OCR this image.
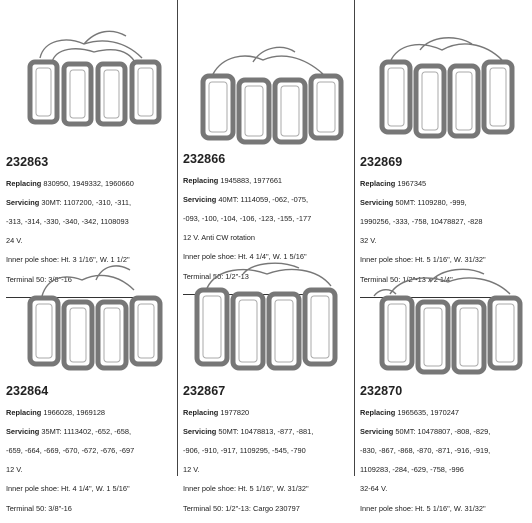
232863

Replacing 830950, 1949332, 1960660

Servicing 30MT: 1107200, -310, -311,

-313, -314, -330, -340, -342, 1108093

24 V.

Inner pole shoe: Ht. 3 1/16", W. 1 1/2"

Terminal 50: 3/8"-16

232866

Replacing 1945883, 1977661

Servicing 40MT: 1114059, -062, -075,

-093, -100, -104, -106, -123, -155, -177

12 V. Anti CW rotation

Inner pole shoe: Ht. 4 1/4", W. 1 5/16"

Terminal 50: 1/2"-13

232869

Replacing 1967345

Servicing 50MT: 1109280, -999,

1990256, -333, -758, 10478827, -828

32 V.

Inner pole shoe: Ht. 5 1/16", W. 31/32"

Terminal 50: 1/2"-13 x 2 1/4"

232864

Replacing 1966028, 1969128

Servicing 35MT: 1113402, -652, -658,

-659, -664, -669, -670, -672, -676, -697

12 V.

Inner pole shoe: Ht. 4 1/4", W. 1 5/16"

Terminal 50: 3/8"-16

232867

Replacing 1977820

Servicing 50MT: 10478813, -877, -881,

-906, -910, -917, 1109295, -545, -790

12 V.

Inner pole shoe: Ht. 5 1/16", W. 31/32"

Terminal 50: 1/2"-13: Cargo 230797

232870

Replacing 1965635, 1970247

Servicing 50MT: 10478807, -808, -829,

-830, -867, -868, -870, -871, -916, -919,

1109283, -284, -629, -758, -996

32-64 V.

Inner pole shoe: Ht. 5 1/16", W. 31/32"
